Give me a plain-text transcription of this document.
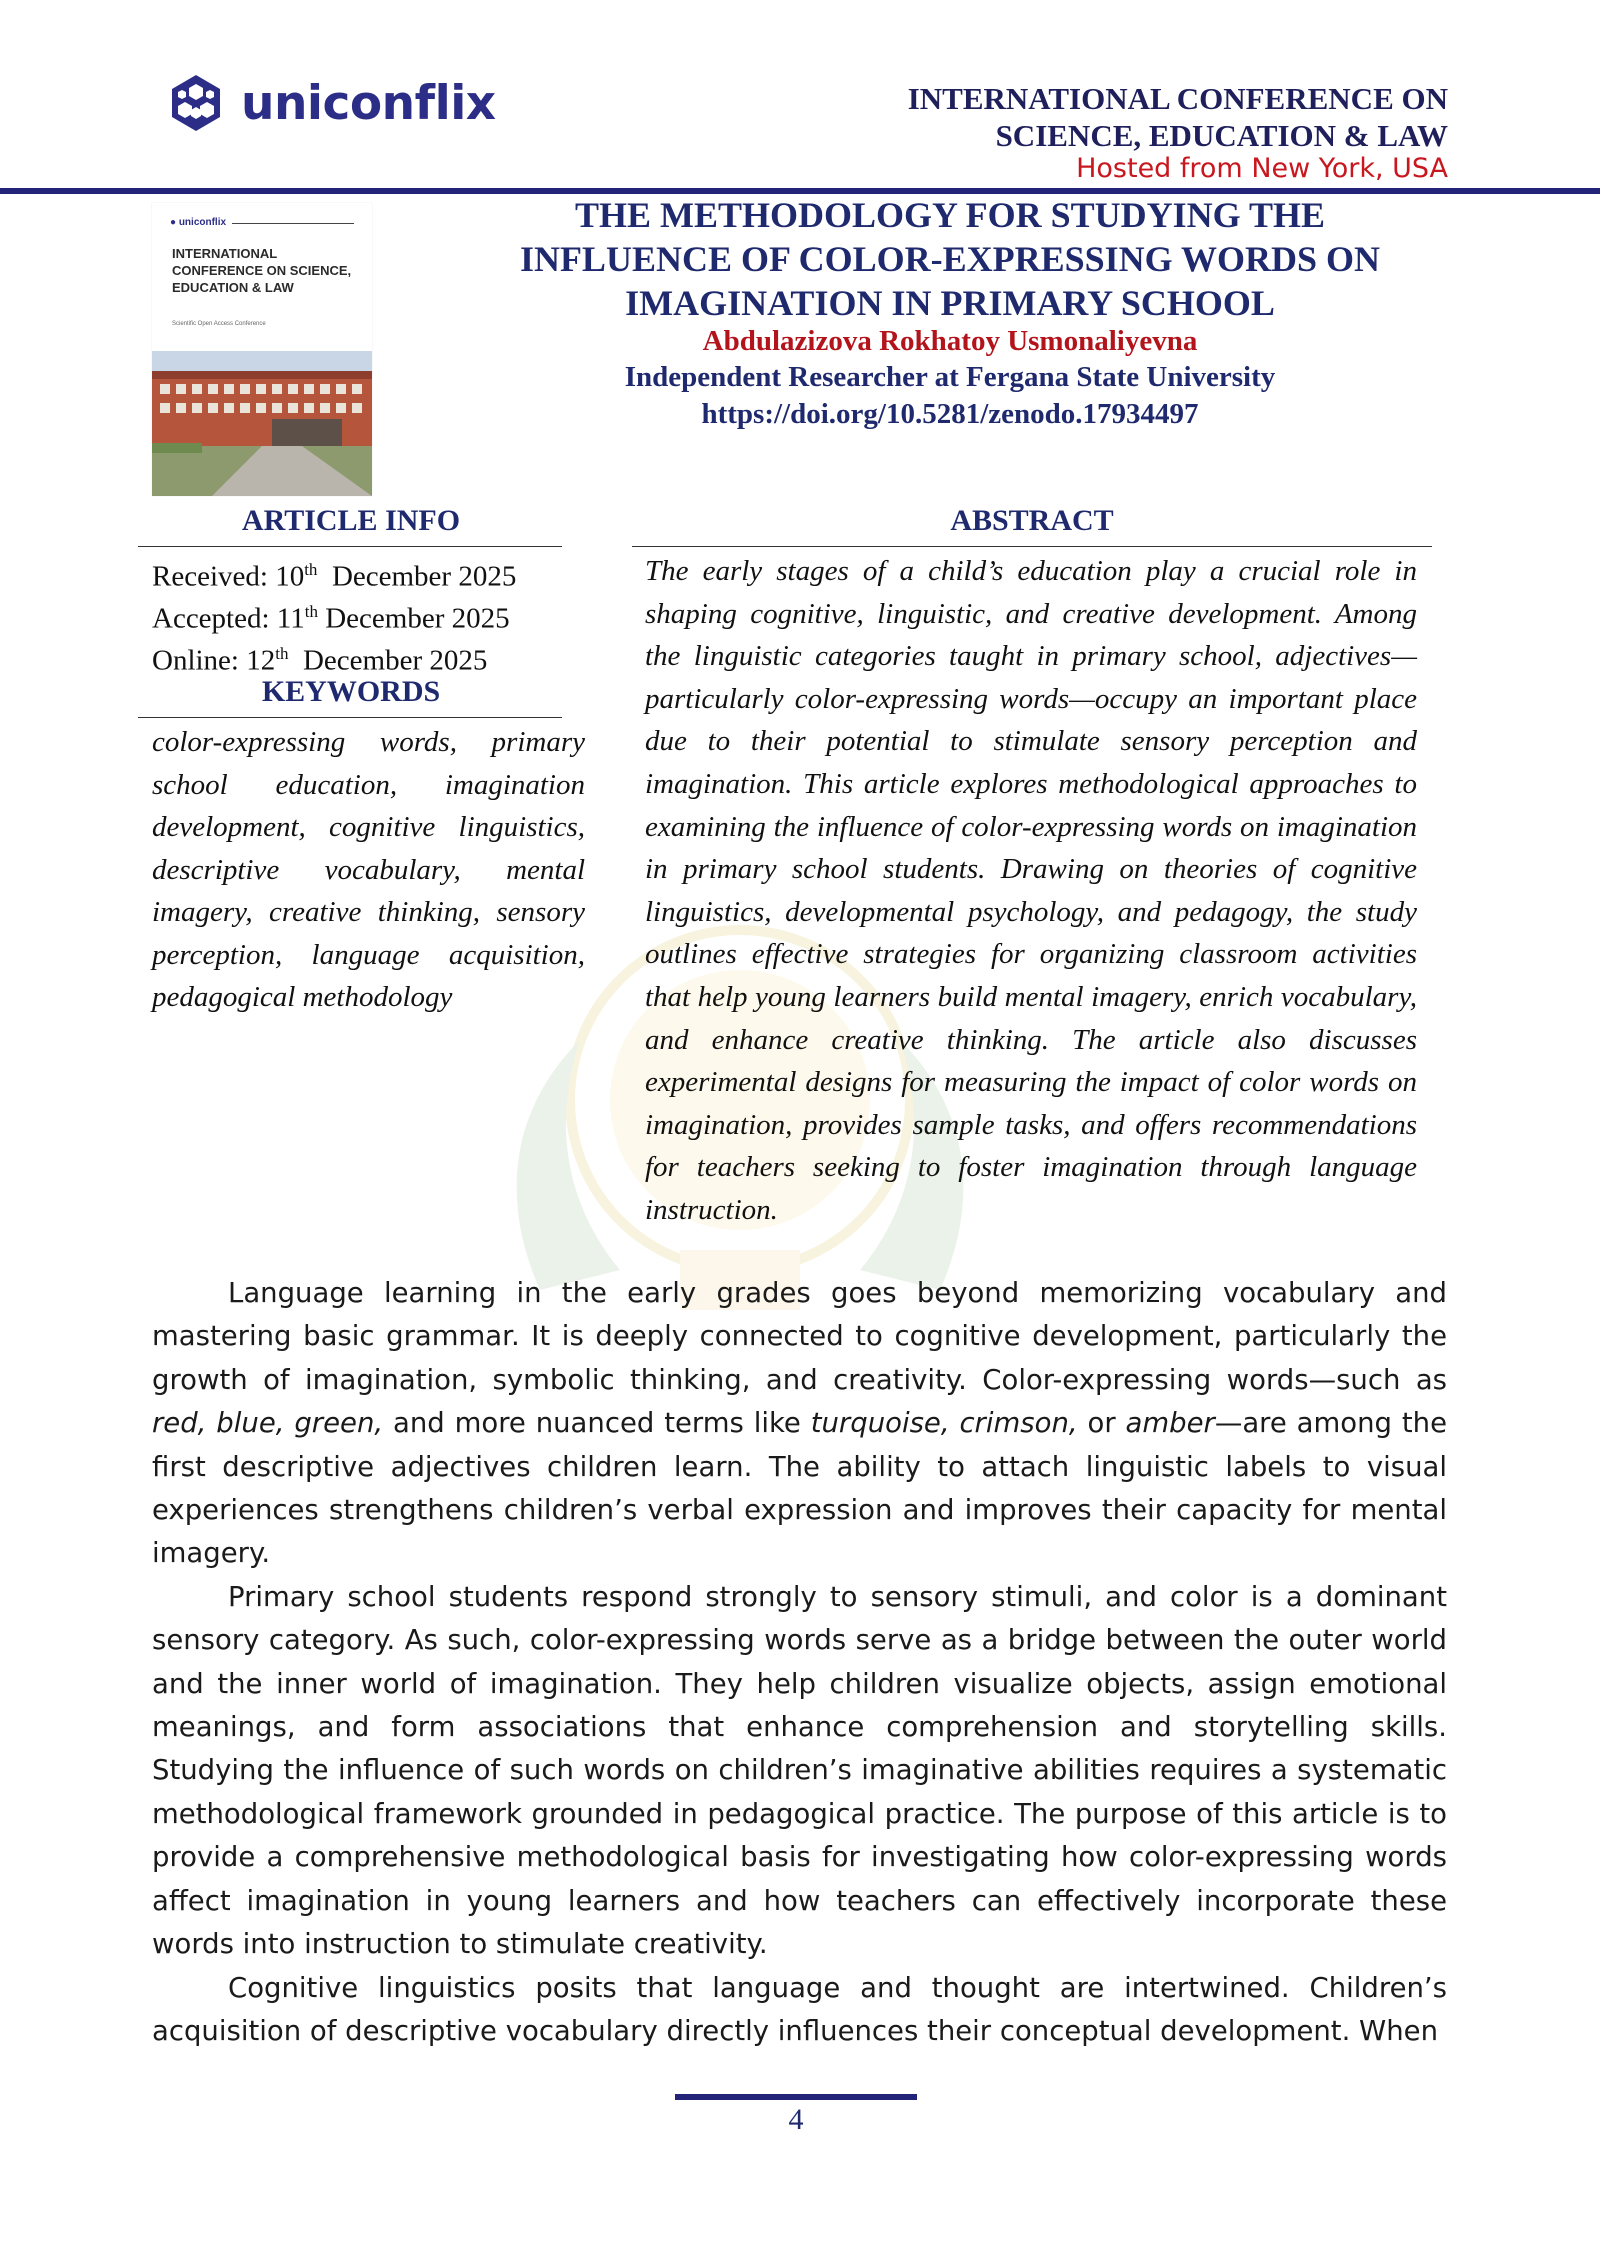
uniconflix	INTERNATIONAL CONFERENCE ON
SCIENCE, EDUCATION & LAW
Hosted from New York, USA
● uniconflix
INTERNATIONAL CONFERENCE ON SCIENCE, EDUCATION & LAW
Scientific Open Access Conference
THE METHODOLOGY FOR STUDYING THE
INFLUENCE OF COLOR-EXPRESSING WORDS ON
IMAGINATION IN PRIMARY SCHOOL
Abdulazizova Rokhatoy Usmonaliyevna
Independent Researcher at Fergana State University
https://doi.org/10.5281/zenodo.17934497
ARTICLE INFO
Received: 10th  December 2025
Accepted: 11th December 2025
Online: 12th  December 2025
KEYWORDS
color-expressing words, primary school education, imagination development, cognitive linguistics, descriptive vocabulary, mental imagery, creative thinking, sensory perception, language acquisition, pedagogical methodology
ABSTRACT
The early stages of a child’s education play a crucial role in shaping cognitive, linguistic, and creative development. Among the linguistic categories taught in primary school, adjectives—particularly color-expressing words—occupy an important place due to their potential to stimulate sensory perception and imagination. This article explores methodological approaches to examining the influence of color-expressing words on imagination in primary school students. Drawing on theories of cognitive linguistics, developmental psychology, and pedagogy, the study outlines effective strategies for organizing classroom activities that help young learners build mental imagery, enrich vocabulary, and enhance creative thinking. The article also discusses experimental designs for measuring the impact of color words on imagination, provides sample tasks, and offers recommendations for teachers seeking to foster imagination through language instruction.

Language learning in the early grades goes beyond memorizing vocabulary and mastering basic grammar. It is deeply connected to cognitive development, particularly the growth of imagination, symbolic thinking, and creativity. Color-expressing words—such as red, blue, green, and more nuanced terms like turquoise, crimson, or amber—are among the first descriptive adjectives children learn. The ability to attach linguistic labels to visual experiences strengthens children’s verbal expression and improves their capacity for mental imagery.

Primary school students respond strongly to sensory stimuli, and color is a dominant sensory category. As such, color-expressing words serve as a bridge between the outer world and the inner world of imagination. They help children visualize objects, assign emotional meanings, and form associations that enhance comprehension and storytelling skills. Studying the influence of such words on children’s imaginative abilities requires a systematic methodological framework grounded in pedagogical practice. The purpose of this article is to provide a comprehensive methodological basis for investigating how color-expressing words affect imagination in young learners and how teachers can effectively incorporate these words into instruction to stimulate creativity.

Cognitive linguistics posits that language and thought are intertwined. Children’s acquisition of descriptive vocabulary directly influences their conceptual development. When

4
